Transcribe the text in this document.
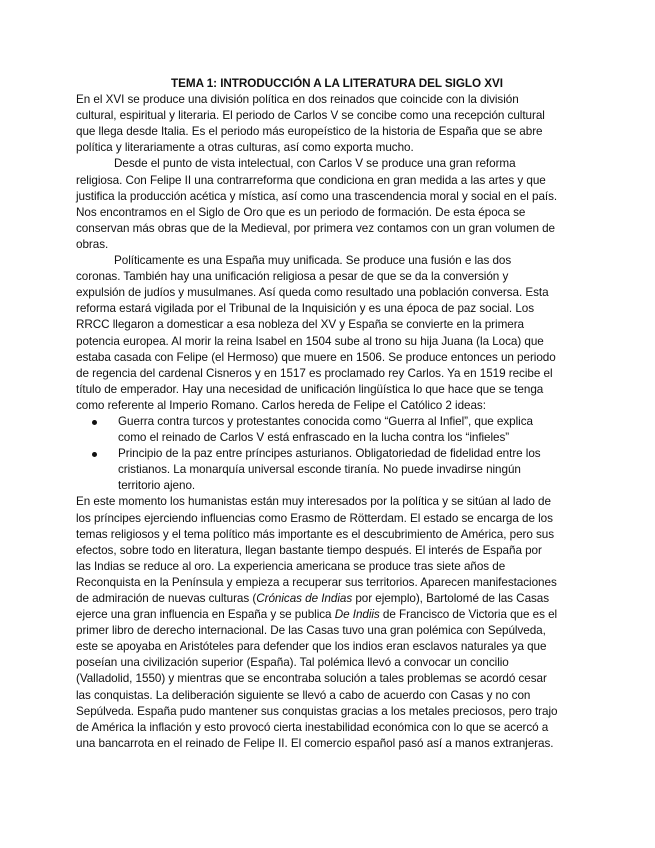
TEMA 1: INTRODUCCIÓN A LA LITERATURA DEL SIGLO XVI

En el XVI se produce una división política en dos reinados que coincide con la división
cultural, espiritual y literaria. El periodo de Carlos V se concibe como una recepción cultural
que llega desde Italia. Es el periodo más europeístico de la historia de España que se abre
política y literariamente a otras culturas, así como exporta mucho.

Desde el punto de vista intelectual, con Carlos V se produce una gran reforma
religiosa. Con Felipe II una contrarreforma que condiciona en gran medida a las artes y que
justifica la producción acética y mística, así como una trascendencia moral y social en el país.
Nos encontramos en el Siglo de Oro que es un periodo de formación. De esta época se
conservan más obras que de la Medieval, por primera vez contamos con un gran volumen de
obras.

Políticamente es una España muy unificada. Se produce una fusión e las dos
coronas. También hay una unificación religiosa a pesar de que se da la conversión y
expulsión de judíos y musulmanes. Así queda como resultado una población conversa. Esta
reforma estará vigilada por el Tribunal de la Inquisición y es una época de paz social. Los
RRCC llegaron a domesticar a esa nobleza del XV y España se convierte en la primera
potencia europea. Al morir la reina Isabel en 1504 sube al trono su hija Juana (la Loca) que
estaba casada con Felipe (el Hermoso) que muere en 1506. Se produce entonces un periodo
de regencia del cardenal Cisneros y en 1517 es proclamado rey Carlos. Ya en 1519 recibe el
título de emperador. Hay una necesidad de unificación lingüística lo que hace que se tenga
como referente al Imperio Romano. Carlos hereda de Felipe el Católico 2 ideas:

Guerra contra turcos y protestantes conocida como “Guerra al Infiel”, que explica
como el reinado de Carlos V está enfrascado en la lucha contra los “infieles”
Principio de la paz entre príncipes asturianos. Obligatoriedad de fidelidad entre los
cristianos. La monarquía universal esconde tiranía. No puede invadirse ningún
territorio ajeno.

En este momento los humanistas están muy interesados por la política y se sitúan al lado de
los príncipes ejerciendo influencias como Erasmo de Rötterdam. El estado se encarga de los
temas religiosos y el tema político más importante es el descubrimiento de América, pero sus
efectos, sobre todo en literatura, llegan bastante tiempo después. El interés de España por
las Indias se reduce al oro. La experiencia americana se produce tras siete años de
Reconquista en la Península y empieza a recuperar sus territorios. Aparecen manifestaciones
de admiración de nuevas culturas (Crónicas de Indias por ejemplo), Bartolomé de las Casas
ejerce una gran influencia en España y se publica De Indiis de Francisco de Victoria que es el
primer libro de derecho internacional. De las Casas tuvo una gran polémica con Sepúlveda,
este se apoyaba en Aristóteles para defender que los indios eran esclavos naturales ya que
poseían una civilización superior (España). Tal polémica llevó a convocar un concilio
(Valladolid, 1550) y mientras que se encontraba solución a tales problemas se acordó cesar
las conquistas. La deliberación siguiente se llevó a cabo de acuerdo con Casas y no con
Sepúlveda. España pudo mantener sus conquistas gracias a los metales preciosos, pero trajo
de América la inflación y esto provocó cierta inestabilidad económica con lo que se acercó a
una bancarrota en el reinado de Felipe II. El comercio español pasó así a manos extranjeras.
